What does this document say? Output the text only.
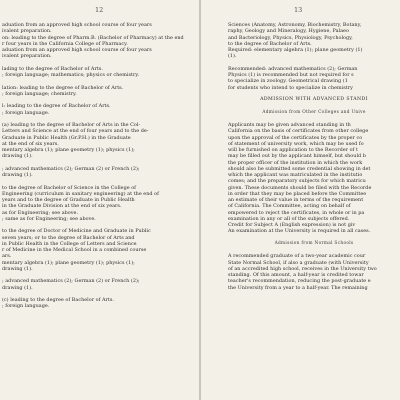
12
aduation from an approved high school course of four years
ivalent preparation.
on: leading to the degree of Pharm.B. (Bachelor of Pharmacy) at the end
r four years in the California College of Pharmacy.
aduation from an approved high school course of four years
ivalent preparation.
lading to the degree of Bachelor of Arts.
; foreign language; mathematics; physics or chemistry.
lation: leading to the degree of Bachelor of Arts.
; foreign language; chemistry.
l: leading to the degree of Bachelor of Arts.
; foreign language.
(a) leading to the degree of Bachelor of Arts in the Col-
Letters and Science at the end of four years and to the de-
Graduate in Public Health (Gr.P.H.) in the Graduate
at the end of six years.
mentary algebra (1); plane geometry (1); physics (1);
drawing (1).
; advanced mathematics (2); German (2) or French (2);
drawing (1).
to the degree of Bachelor of Science in the College of
Engineering (curriculum in sanitary engineering) at the end of
years and to the degree of Graduate in Public Health
in the Graduate Division at the end of six years.
as for Engineering; see above.
; same as for Engineering; see above.
to the degree of Doctor of Medicine and Graduate in Public
seven years; or to the degree of Bachelor of Arts and
in Public Health in the College of Letters and Science
r of Medicine in the Medical School in a combined course
ars.
mentary algebra (1); plane geometry (1); physics (1);
drawing (1).
; advanced mathematics (2); German (2) or French (2);
drawing (1).
(c) leading to the degree of Bachelor of Arts.
; foreign language.
13
Sciences (Anatomy, Astronomy, Biochemistry, Botany,
raphy, Geology and Mineralogy, Hygiene, Palaeo
and Bacteriology, Physics, Physiology, Psychology,
to the degree of Bachelor of Arts.
Required: elementary algebra (1); plane geometry (1)
(1).
Recommended: advanced mathematics (2); German
Physics (1) is recommended but not required for s
to specialize in zoology. Geometrical drawing (1
for students who intend to specialize in chemistry
ADMISSION WITH ADVANCED STANDI
Admission from Other Colleges and Unive
Applicants may be given advanced standing in th
California on the basis of certificates from other college
upon the approval of the certificates by the proper co
of statement of university work, which may be used fo
will be furnished on application to the Recorder of t
may be filled out by the applicant himself, but should b
the proper officer of the institution in which the work
should also be submitted some credential showing in det
which the applicant was matriculated in the institutio
comes; and the preparatory subjects for which matricu
given. These documents should be filed with the Recorde
in order that they may be placed before the Committee
an estimate of their value in terms of the requirement
of California. The Committee, acting on behalf of
empowered to reject the certificates, in whole or in pa
examination in any or all of the subjects offered.
Credit for Subject A (English expression) is not giv
An examination at the University is required in all cases.
Admission from Normal Schools
A recommended graduate of a two-year academic cour
State Normal School, if also a graduate (with University
of an accredited high school, receives in the University two
standing. Of this amount, a half-year is credited towar
teacher's recommendation, reducing the post-graduate e
the University from a year to a half-year. The remaining
